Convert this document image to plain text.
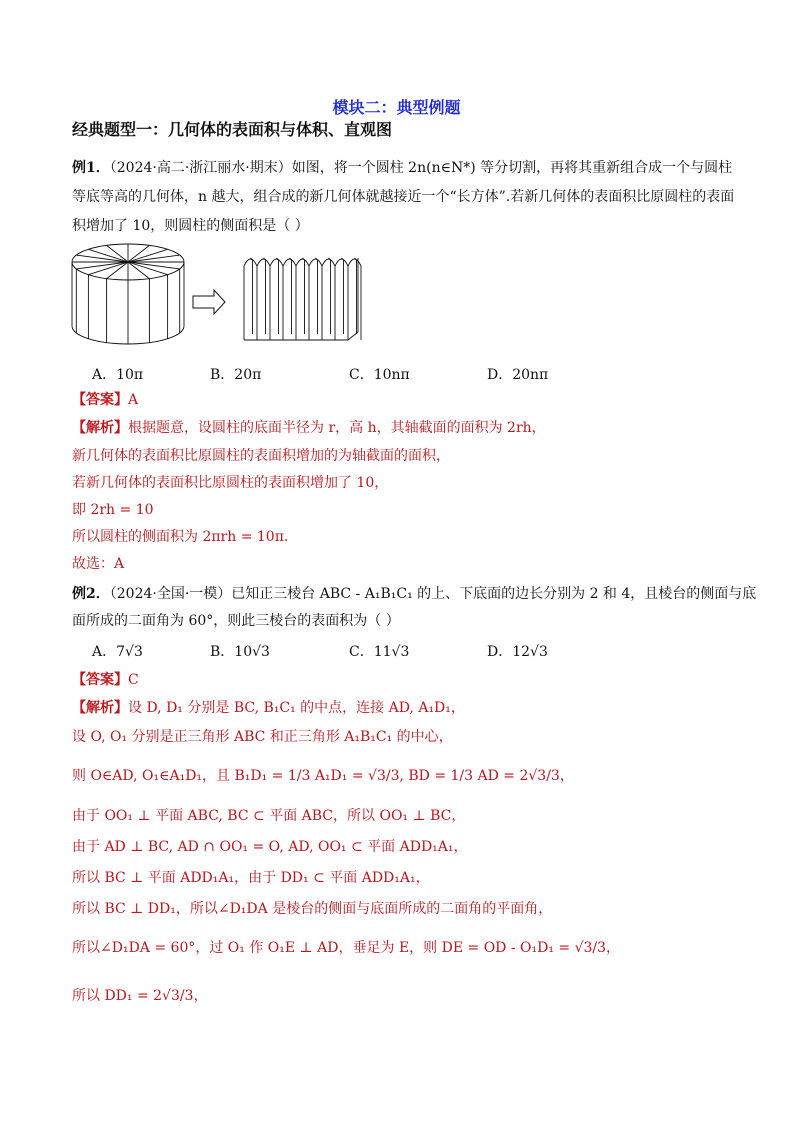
模块二：典型例题
经典题型一：几何体的表面积与体积、直观图
例1．（2024·高二·浙江丽水·期末）如图，将一个圆柱 2n(n∈N*) 等分切割，再将其重新组合成一个与圆柱
等底等高的几何体，n 越大，组合成的新几何体就越接近一个“长方体”.若新几何体的表面积比原圆柱的表面
积增加了 10，则圆柱的侧面积是（ ）
A．10π	B．20π	C．10nπ	D．20nπ
【答案】A
【解析】根据题意，设圆柱的底面半径为 r，高 h，其轴截面的面积为 2rh，
新几何体的表面积比原圆柱的表面积增加的为轴截面的面积，
若新几何体的表面积比原圆柱的表面积增加了 10，
即 2rh = 10
所以圆柱的侧面积为 2πrh = 10π.
故选：A
例2．（2024·全国·一模）已知正三棱台 ABC - A₁B₁C₁ 的上、下底面的边长分别为 2 和 4，且棱台的侧面与底
面所成的二面角为 60°，则此三棱台的表面积为（ ）
A．7√3	B．10√3	C．11√3	D．12√3
【答案】C
【解析】设 D, D₁ 分别是 BC, B₁C₁ 的中点，连接 AD, A₁D₁，
设 O, O₁ 分别是正三角形 ABC 和正三角形 A₁B₁C₁ 的中心，
则 O∈AD, O₁∈A₁D₁，且 B₁D₁ = 1/3 A₁D₁ = √3/3, BD = 1/3 AD = 2√3/3，
由于 OO₁ ⊥ 平面 ABC, BC ⊂ 平面 ABC，所以 OO₁ ⊥ BC，
由于 AD ⊥ BC, AD ∩ OO₁ = O, AD, OO₁ ⊂ 平面 ADD₁A₁，
所以 BC ⊥ 平面 ADD₁A₁，由于 DD₁ ⊂ 平面 ADD₁A₁，
所以 BC ⊥ DD₁，所以∠D₁DA 是棱台的侧面与底面所成的二面角的平面角，
所以∠D₁DA = 60°，过 O₁ 作 O₁E ⊥ AD，垂足为 E，则 DE = OD - O₁D₁ = √3/3，
所以 DD₁ = 2√3/3，
